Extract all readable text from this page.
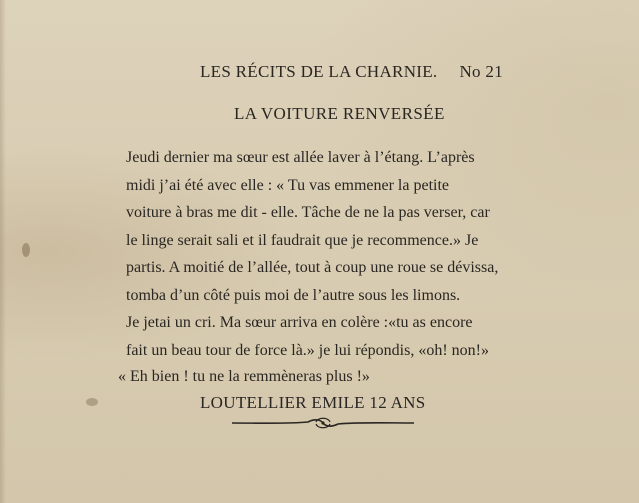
LES RÉCITS DE LA CHARNIE. No 21
LA VOITURE RENVERSÉE
Jeudi dernier ma sœur est allée laver à l’étang. L’après
midi j’ai été avec elle : « Tu vas emmener la petite
voiture à bras me dit - elle. Tâche de ne la pas verser, car
le linge serait sali et il faudrait que je recommence.» Je
partis. A moitié de l’allée, tout à coup une roue se dévissa,
tomba d’un côté puis moi de l’autre sous les limons.
Je jetai un cri. Ma sœur arriva en colère :«tu as encore
fait un beau tour de force là.» je lui répondis, «oh! non!»
« Eh bien ! tu ne la remmèneras plus !»
LOUTELLIER EMILE 12 ANS
